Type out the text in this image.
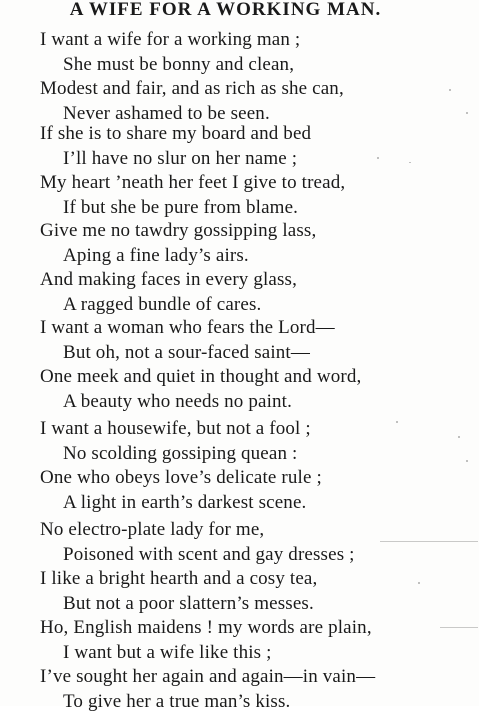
A WIFE FOR A WORKING MAN.
I want a wife for a working man ;
She must be bonny and clean,
Modest and fair, and as rich as she can,
Never ashamed to be seen.
If she is to share my board and bed
I’ll have no slur on her name ;
My heart ’neath her feet I give to tread,
If but she be pure from blame.
Give me no tawdry gossipping lass,
Aping a fine lady’s airs.
And making faces in every glass,
A ragged bundle of cares.
I want a woman who fears the Lord—
But oh, not a sour-faced saint—
One meek and quiet in thought and word,
A beauty who needs no paint.
I want a housewife, but not a fool ;
No scolding gossiping quean :
One who obeys love’s delicate rule ;
A light in earth’s darkest scene.
No electro-plate lady for me,
Poisoned with scent and gay dresses ;
I like a bright hearth and a cosy tea,
But not a poor slattern’s messes.
Ho, English maidens ! my words are plain,
I want but a wife like this ;
I’ve sought her again and again—in vain—
To give her a true man’s kiss.
